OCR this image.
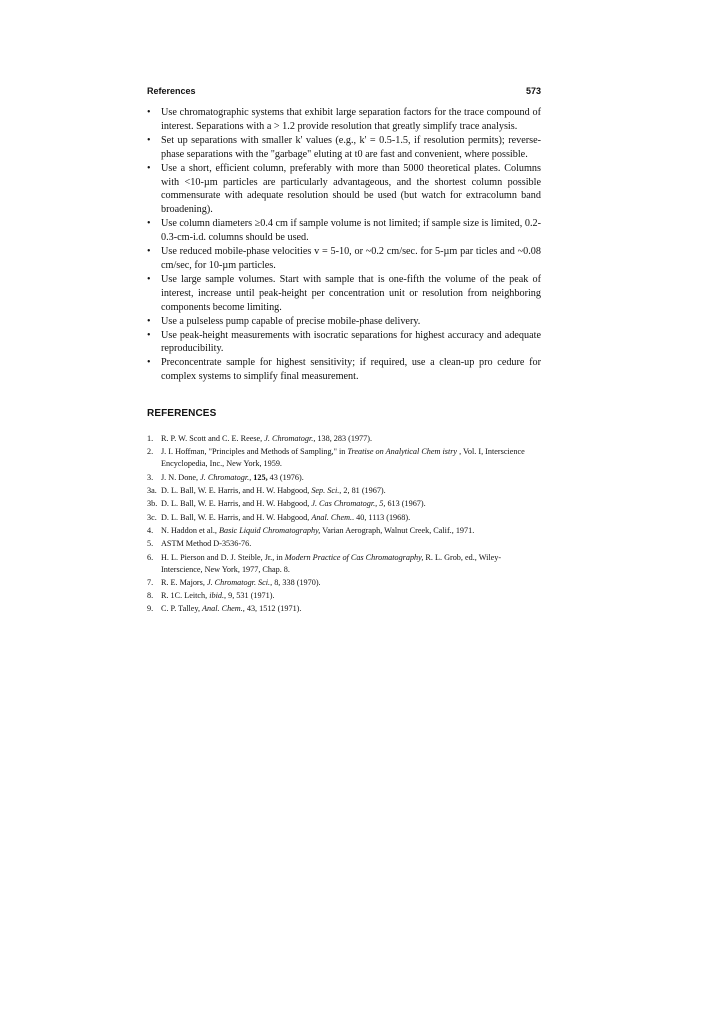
References	573
• Use chromatographic systems that exhibit large separation factors for the trace compound of interest. Separations with a > 1.2 provide resolution that greatly simplify trace analysis.
• Set up separations with smaller k' values (e.g., k' = 0.5-1.5, if resolution permits); reverse-phase separations with the "garbage" eluting at t0 are fast and convenient, where possible.
• Use a short, efficient column, preferably with more than 5000 theoretical plates. Columns with <10-µm particles are particularly advantageous, and the shortest column possible commensurate with adequate resolution should be used (but watch for extracolumn band broadening).
• Use column diameters ≥0.4 cm if sample volume is not limited; if sample size is limited, 0.2-0.3-cm-i.d. columns should be used.
• Use reduced mobile-phase velocities v = 5-10, or ~0.2 cm/sec. for 5-µm par ticles and ~0.08 cm/sec, for 10-µm particles.
• Use large sample volumes. Start with sample that is one-fifth the volume of the peak of interest, increase until peak-height per concentration unit or resolution from neighboring components become limiting.
• Use a pulseless pump capable of precise mobile-phase delivery.
• Use peak-height measurements with isocratic separations for highest accuracy and adequate reproducibility.
• Preconcentrate sample for highest sensitivity; if required, use a clean-up pro cedure for complex systems to simplify final measurement.
REFERENCES
1. R. P. W. Scott and C. E. Reese, J. Chromatogr., 138, 283 (1977).
2. J. I. Hoffman, "Principles and Methods of Sampling," in Treatise on Analytical Chem istry , Vol. I, Interscience Encyclopedia, Inc., New York, 1959.
3. J. N. Done, J. Chromatogr., 125, 43 (1976).
3a. D. L. Ball, W. E. Harris, and H. W. Habgood, Sep. Sci., 2, 81 (1967).
3b. D. L. Ball, W. E. Harris, and H. W. Habgood, J. Cas Chromatogr., 5, 613 (1967).
3c. D. L. Ball, W. E. Harris, and H. W. Habgood, Anal. Chem.. 40, 1113 (1968).
4. N. Haddon et al., Basic Liquid Chromatography, Varian Aerograph, Walnut Creek, Calif., 1971.
5. ASTM Method D-3536-76.
6. H. L. Pierson and D. J. Steible, Jr., in Modern Practice of Cas Chromatography, R. L. Grob, ed., Wiley-Interscience, New York, 1977, Chap. 8.
7. R. E. Majors, J. Chromatogr. Sci., 8, 338 (1970).
8. R. 1C. Leitch, ibid., 9, 531 (1971).
9. C. P. Talley, Anal. Chem., 43, 1512 (1971).
